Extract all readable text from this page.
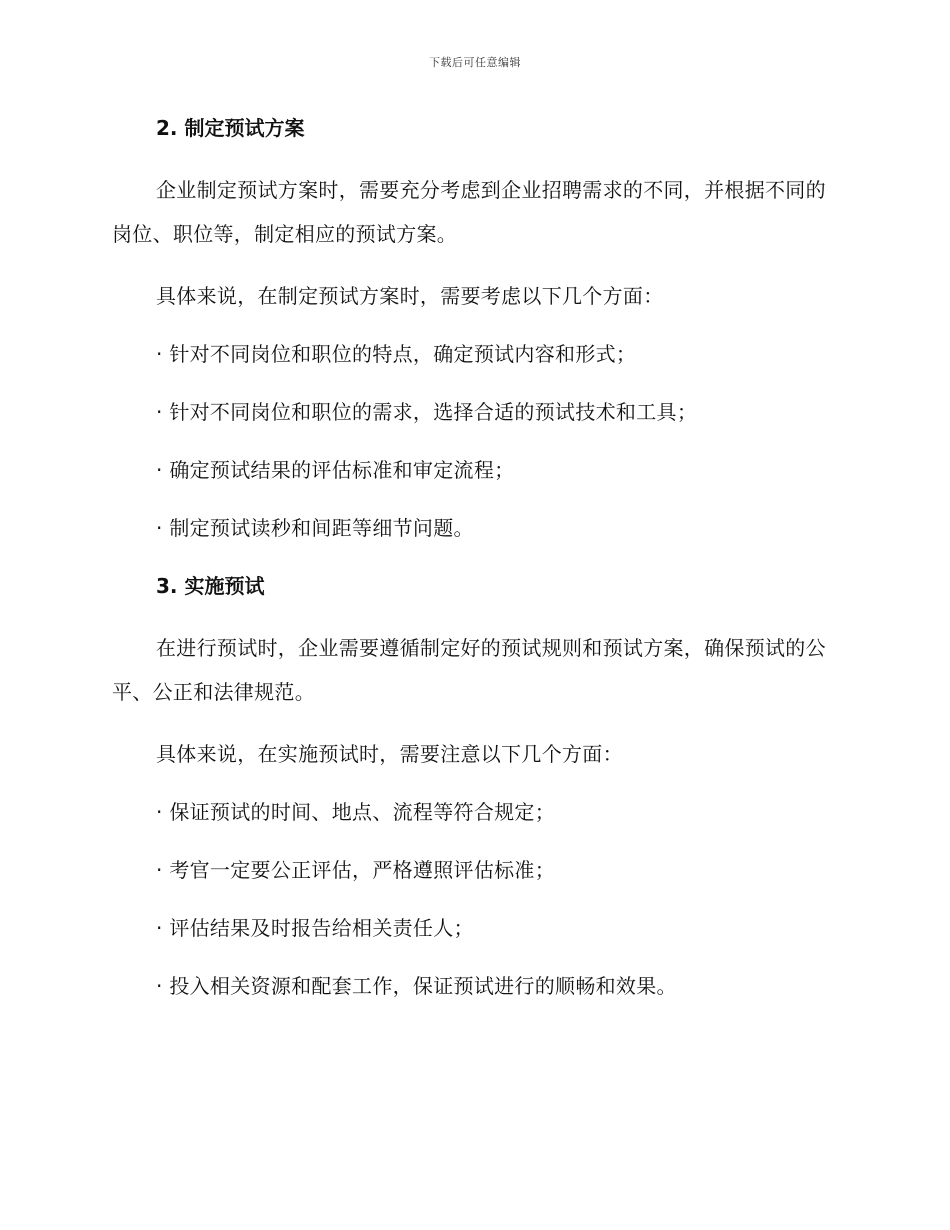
下载后可任意编辑
2. 制定预试方案

企业制定预试方案时，需要充分考虑到企业招聘需求的不同，并根据不同的岗位、职位等，制定相应的预试方案。

具体来说，在制定预试方案时，需要考虑以下几个方面：
· 针对不同岗位和职位的特点，确定预试内容和形式；
· 针对不同岗位和职位的需求，选择合适的预试技术和工具；
· 确定预试结果的评估标准和审定流程；
· 制定预试读秒和间距等细节问题。
3. 实施预试

在进行预试时，企业需要遵循制定好的预试规则和预试方案，确保预试的公平、公正和法律规范。

具体来说，在实施预试时，需要注意以下几个方面：
· 保证预试的时间、地点、流程等符合规定；
· 考官一定要公正评估，严格遵照评估标准；
· 评估结果及时报告给相关责任人；
· 投入相关资源和配套工作，保证预试进行的顺畅和效果。
